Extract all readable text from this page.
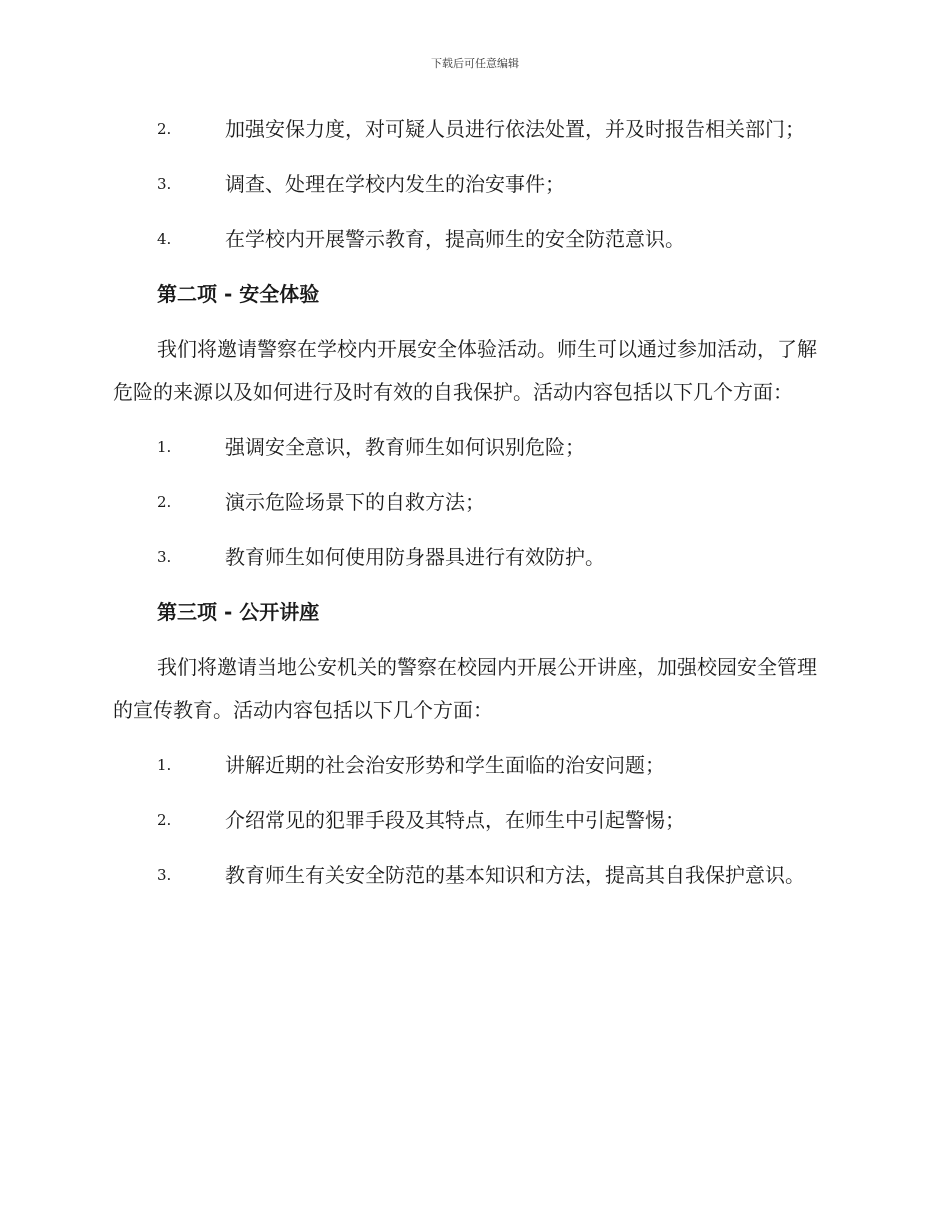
下载后可任意编辑
2.	加强安保力度，对可疑人员进行依法处置，并及时报告相关部门；
3.	调查、处理在学校内发生的治安事件；
4.	在学校内开展警示教育，提高师生的安全防范意识。
第二项 - 安全体验
我们将邀请警察在学校内开展安全体验活动。师生可以通过参加活动，了解危险的来源以及如何进行及时有效的自我保护。活动内容包括以下几个方面：
1.	强调安全意识，教育师生如何识别危险；
2.	演示危险场景下的自救方法；
3.	教育师生如何使用防身器具进行有效防护。
第三项 - 公开讲座
我们将邀请当地公安机关的警察在校园内开展公开讲座，加强校园安全管理的宣传教育。活动内容包括以下几个方面：
1.	讲解近期的社会治安形势和学生面临的治安问题；
2.	介绍常见的犯罪手段及其特点，在师生中引起警惕；
3.	教育师生有关安全防范的基本知识和方法，提高其自我保护意识。
